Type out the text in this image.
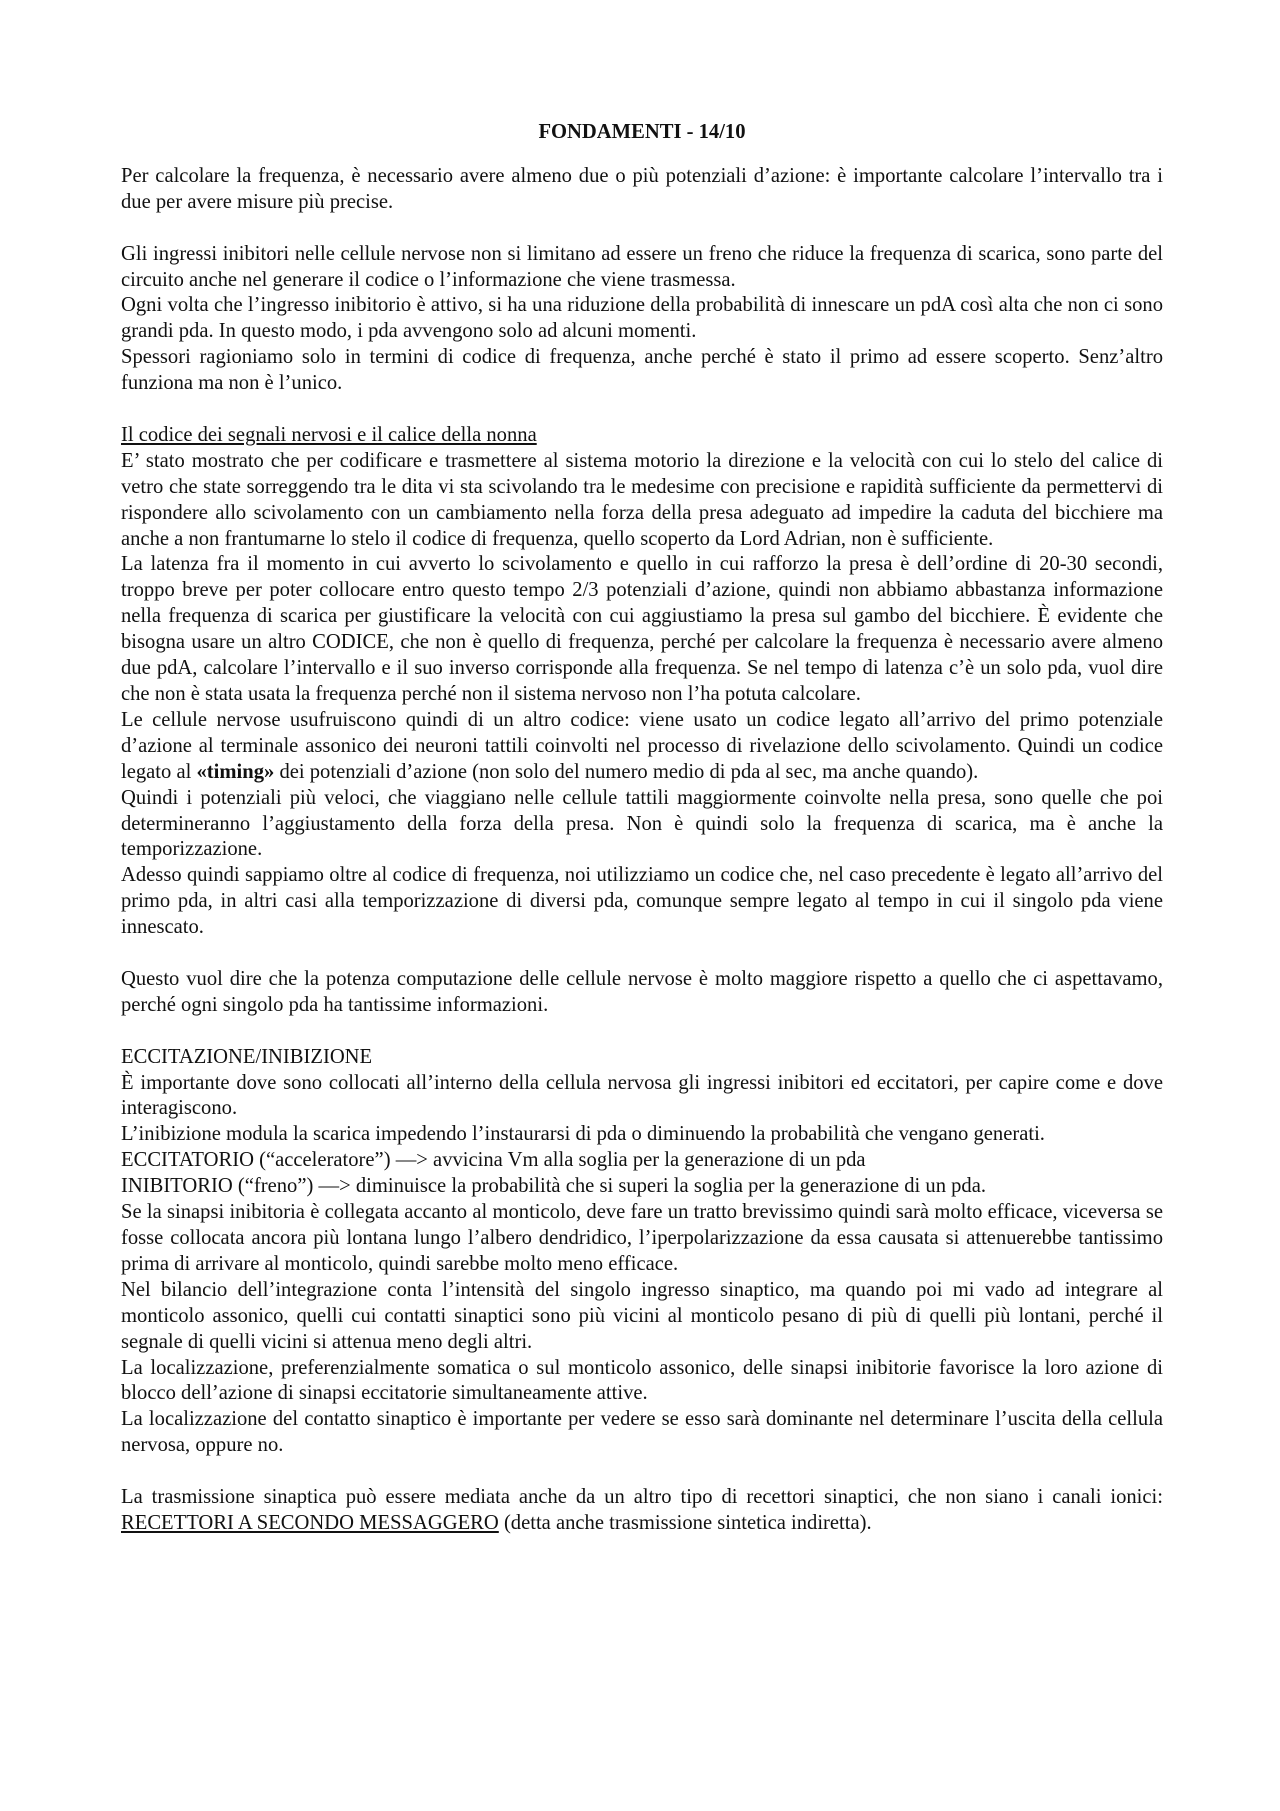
FONDAMENTI - 14/10

Per calcolare la frequenza, è necessario avere almeno due o più potenziali d’azione: è importante calcolare l’intervallo tra i due per avere misure più precise.

Gli ingressi inibitori nelle cellule nervose non si limitano ad essere un freno che riduce la frequenza di scarica, sono parte del circuito anche nel generare il codice o l’informazione che viene trasmessa.

Ogni volta che l’ingresso inibitorio è attivo, si ha una riduzione della probabilità di innescare un pdA così alta che non ci sono grandi pda. In questo modo, i pda avvengono solo ad alcuni momenti.

Spessori ragioniamo solo in termini di codice di frequenza, anche perché è stato il primo ad essere scoperto. Senz’altro funziona ma non è l’unico.

Il codice dei segnali nervosi e il calice della nonna

E’ stato mostrato che per codificare e trasmettere al sistema motorio la direzione e la velocità con cui lo stelo del calice di vetro che state sorreggendo tra le dita vi sta scivolando tra le medesime con precisione e rapidità sufficiente da permettervi di rispondere allo scivolamento con un cambiamento nella forza della presa adeguato ad impedire la caduta del bicchiere ma anche a non frantumarne lo stelo il codice di frequenza, quello scoperto da Lord Adrian, non è sufficiente.

La latenza fra il momento in cui avverto lo scivolamento e quello in cui rafforzo la presa è dell’ordine di 20-30 secondi, troppo breve per poter collocare entro questo tempo 2/3 potenziali d’azione, quindi non abbiamo abbastanza informazione nella frequenza di scarica per giustificare la velocità con cui aggiustiamo la presa sul gambo del bicchiere. È evidente che bisogna usare un altro CODICE, che non è quello di frequenza, perché per calcolare la frequenza è necessario avere almeno due pdA, calcolare l’intervallo e il suo inverso corrisponde alla frequenza. Se nel tempo di latenza c’è un solo pda, vuol dire che non è stata usata la frequenza perché non il sistema nervoso non l’ha potuta calcolare.

Le cellule nervose usufruiscono quindi di un altro codice: viene usato un codice legato all’arrivo del primo potenziale d’azione al terminale assonico dei neuroni tattili coinvolti nel processo di rivelazione dello scivolamento. Quindi un codice legato al «timing» dei potenziali d’azione (non solo del numero medio di pda al sec, ma anche quando).

Quindi i potenziali più veloci, che viaggiano nelle cellule tattili maggiormente coinvolte nella presa, sono quelle che poi determineranno l’aggiustamento della forza della presa. Non è quindi solo la frequenza di scarica, ma è anche la temporizzazione.

Adesso quindi sappiamo oltre al codice di frequenza, noi utilizziamo un codice che, nel caso precedente è legato all’arrivo del primo pda, in altri casi alla temporizzazione di diversi pda, comunque sempre legato al tempo in cui il singolo pda viene innescato.

Questo vuol dire che la potenza computazione delle cellule nervose è molto maggiore rispetto a quello che ci aspettavamo, perché ogni singolo pda ha tantissime informazioni.

ECCITAZIONE/INIBIZIONE

È importante dove sono collocati all’interno della cellula nervosa gli ingressi inibitori ed eccitatori, per capire come e dove interagiscono.

L’inibizione modula la scarica impedendo l’instaurarsi di pda o diminuendo la probabilità che vengano generati.

ECCITATORIO (“acceleratore”) —> avvicina Vm alla soglia per la generazione di un pda

INIBITORIO (“freno”) —> diminuisce la probabilità che si superi la soglia per la generazione di un pda.

Se la sinapsi inibitoria è collegata accanto al monticolo, deve fare un tratto brevissimo quindi sarà molto efficace, viceversa se fosse collocata ancora più lontana lungo l’albero dendridico, l’iperpolarizzazione da essa causata si attenuerebbe tantissimo prima di arrivare al monticolo, quindi sarebbe molto meno efficace.

Nel bilancio dell’integrazione conta l’intensità del singolo ingresso sinaptico, ma quando poi mi vado ad integrare al monticolo assonico, quelli cui contatti sinaptici sono più vicini al monticolo pesano di più di quelli più lontani, perché il segnale di quelli vicini si attenua meno degli altri.

La localizzazione, preferenzialmente somatica o sul monticolo assonico, delle sinapsi inibitorie favorisce la loro azione di blocco dell’azione di sinapsi eccitatorie simultaneamente attive.

La localizzazione del contatto sinaptico è importante per vedere se esso sarà dominante nel determinare l’uscita della cellula nervosa, oppure no.

La trasmissione sinaptica può essere mediata anche da un altro tipo di recettori sinaptici, che non siano i canali ionici: RECETTORI A SECONDO MESSAGGERO (detta anche trasmissione sintetica indiretta).
